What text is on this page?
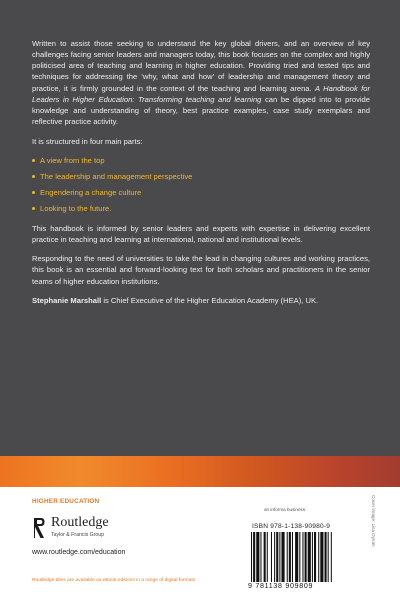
Written to assist those seeking to understand the key global drivers, and an overview of key challenges facing senior leaders and managers today, this book focuses on the complex and highly politicised area of teaching and learning in higher education. Providing tried and tested tips and techniques for addressing the ‘why, what and how’ of leadership and management theory and practice, it is firmly grounded in the context of the teaching and learning arena. A Handbook for Leaders in Higher Education: Transforming teaching and learning can be dipped into to provide knowledge and understanding of theory, best practice examples, case study exemplars and reflective practice activity.

It is structured in four main parts:

A view from the top
The leadership and management perspective
Engendering a change culture
Looking to the future.

This handbook is informed by senior leaders and experts with expertise in delivering excellent practice in teaching and learning at international, national and institutional levels.

Responding to the need of universities to take the lead in changing cultures and working practices, this book is an essential and forward-looking text for both scholars and practitioners in the senior teams of higher education institutions.

Stephanie Marshall is Chief Executive of the Higher Education Academy (HEA), UK.

HIGHER EDUCATION
Routledge
Taylor & Francis Group
www.routledge.com/education
Routledge titles are available as eBook editions in a range of digital formats
an informa business
ISBN 978-1-138-90980-9
9 781138 909809
Cover image: Lisa Dynan
